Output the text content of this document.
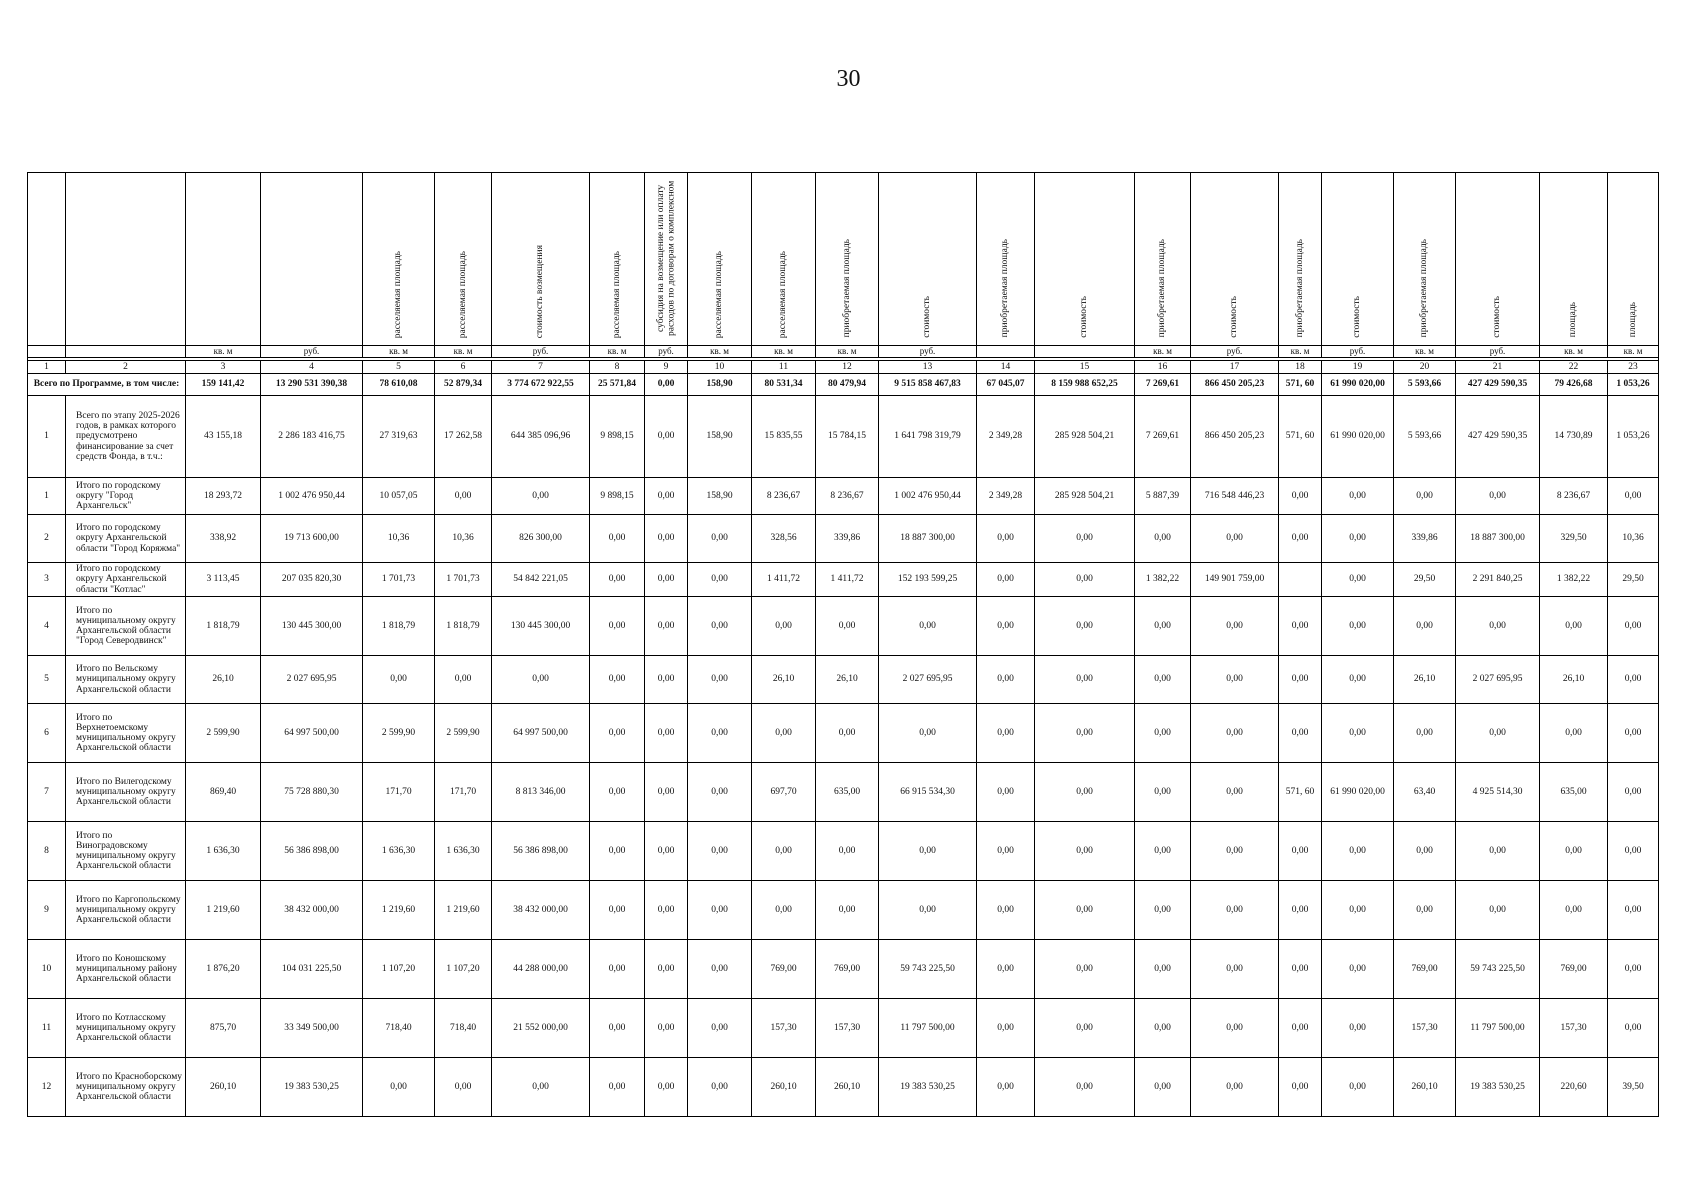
30
				расселяемая площадь	расселяемая площадь	стоимость возмещения	расселяемая площадь	субсидия на возмещение или оплату расходов по договорам о комплексном	расселяемая площадь	расселяемая площадь	приобретаемая площадь	стоимость	приобретаемая площадь	стоимость	приобретаемая площадь	стоимость	приобретаемая площадь	стоимость	приобретаемая площадь	стоимость	площадь	площадь
		кв. м	руб.	кв. м	кв. м	руб.	кв. м	руб.	кв. м	кв. м	кв. м	руб.			кв. м	руб.	кв. м	руб.	кв. м	руб.	кв. м	кв. м

1	2	3	4	5	6	7	8	9	10	11	12	13	14	15	16	17	18	19	20	21	22	23
Всего по Программе, в том числе:		159 141,42	13 290 531 390,38	78 610,08	52 879,34	3 774 672 922,55	25 571,84	0,00	158,90	80 531,34	80 479,94	9 515 858 467,83	67 045,07	8 159 988 652,25	7 269,61	866 450 205,23	571, 60	61 990 020,00	5 593,66	427 429 590,35	79 426,68	1 053,26
1	Всего по этапу 2025-2026 годов, в рамках которого предусмотрено финансирование за счет средств Фонда, в т.ч.:	43 155,18	2 286 183 416,75	27 319,63	17 262,58	644 385 096,96	9 898,15	0,00	158,90	15 835,55	15 784,15	1 641 798 319,79	2 349,28	285 928 504,21	7 269,61	866 450 205,23	571, 60	61 990 020,00	5 593,66	427 429 590,35	14 730,89	1 053,26
1	Итого по городскому округу "Город Архангельск"	18 293,72	1 002 476 950,44	10 057,05	0,00	0,00	9 898,15	0,00	158,90	8 236,67	8 236,67	1 002 476 950,44	2 349,28	285 928 504,21	5 887,39	716 548 446,23	0,00	0,00	0,00	0,00	8 236,67	0,00
2	Итого по городскому округу Архангельской области "Город Коряжма"	338,92	19 713 600,00	10,36	10,36	826 300,00	0,00	0,00	0,00	328,56	339,86	18 887 300,00	0,00	0,00	0,00	0,00	0,00	0,00	339,86	18 887 300,00	329,50	10,36
3	Итого по городскому округу Архангельской области "Котлас"	3 113,45	207 035 820,30	1 701,73	1 701,73	54 842 221,05	0,00	0,00	0,00	1 411,72	1 411,72	152 193 599,25	0,00	0,00	1 382,22	149 901 759,00		0,00	29,50	2 291 840,25	1 382,22	29,50
4	Итого по муниципальному округу Архангельской области "Город Северодвинск"	1 818,79	130 445 300,00	1 818,79	1 818,79	130 445 300,00	0,00	0,00	0,00	0,00	0,00	0,00	0,00	0,00	0,00	0,00	0,00	0,00	0,00	0,00	0,00	0,00
5	Итого по Вельскому муниципальному округу Архангельской области	26,10	2 027 695,95	0,00	0,00	0,00	0,00	0,00	0,00	26,10	26,10	2 027 695,95	0,00	0,00	0,00	0,00	0,00	0,00	26,10	2 027 695,95	26,10	0,00
6	Итого по Верхнетоемскому муниципальному округу Архангельской области	2 599,90	64 997 500,00	2 599,90	2 599,90	64 997 500,00	0,00	0,00	0,00	0,00	0,00	0,00	0,00	0,00	0,00	0,00	0,00	0,00	0,00	0,00	0,00	0,00
7	Итого по Вилегодскому муниципальному округу Архангельской области	869,40	75 728 880,30	171,70	171,70	8 813 346,00	0,00	0,00	0,00	697,70	635,00	66 915 534,30	0,00	0,00	0,00	0,00	571, 60	61 990 020,00	63,40	4 925 514,30	635,00	0,00
8	Итого по Виноградовскому муниципальному округу Архангельской области	1 636,30	56 386 898,00	1 636,30	1 636,30	56 386 898,00	0,00	0,00	0,00	0,00	0,00	0,00	0,00	0,00	0,00	0,00	0,00	0,00	0,00	0,00	0,00	0,00
9	Итого по Каргопольскому муниципальному округу Архангельской области	1 219,60	38 432 000,00	1 219,60	1 219,60	38 432 000,00	0,00	0,00	0,00	0,00	0,00	0,00	0,00	0,00	0,00	0,00	0,00	0,00	0,00	0,00	0,00	0,00
10	Итого по Коношскому муниципальному району Архангельской области	1 876,20	104 031 225,50	1 107,20	1 107,20	44 288 000,00	0,00	0,00	0,00	769,00	769,00	59 743 225,50	0,00	0,00	0,00	0,00	0,00	0,00	769,00	59 743 225,50	769,00	0,00
11	Итого по Котласскому муниципальному округу Архангельской области	875,70	33 349 500,00	718,40	718,40	21 552 000,00	0,00	0,00	0,00	157,30	157,30	11 797 500,00	0,00	0,00	0,00	0,00	0,00	0,00	157,30	11 797 500,00	157,30	0,00
12	Итого по Красноборскому муниципальному округу Архангельской области	260,10	19 383 530,25	0,00	0,00	0,00	0,00	0,00	0,00	260,10	260,10	19 383 530,25	0,00	0,00	0,00	0,00	0,00	0,00	260,10	19 383 530,25	220,60	39,50
